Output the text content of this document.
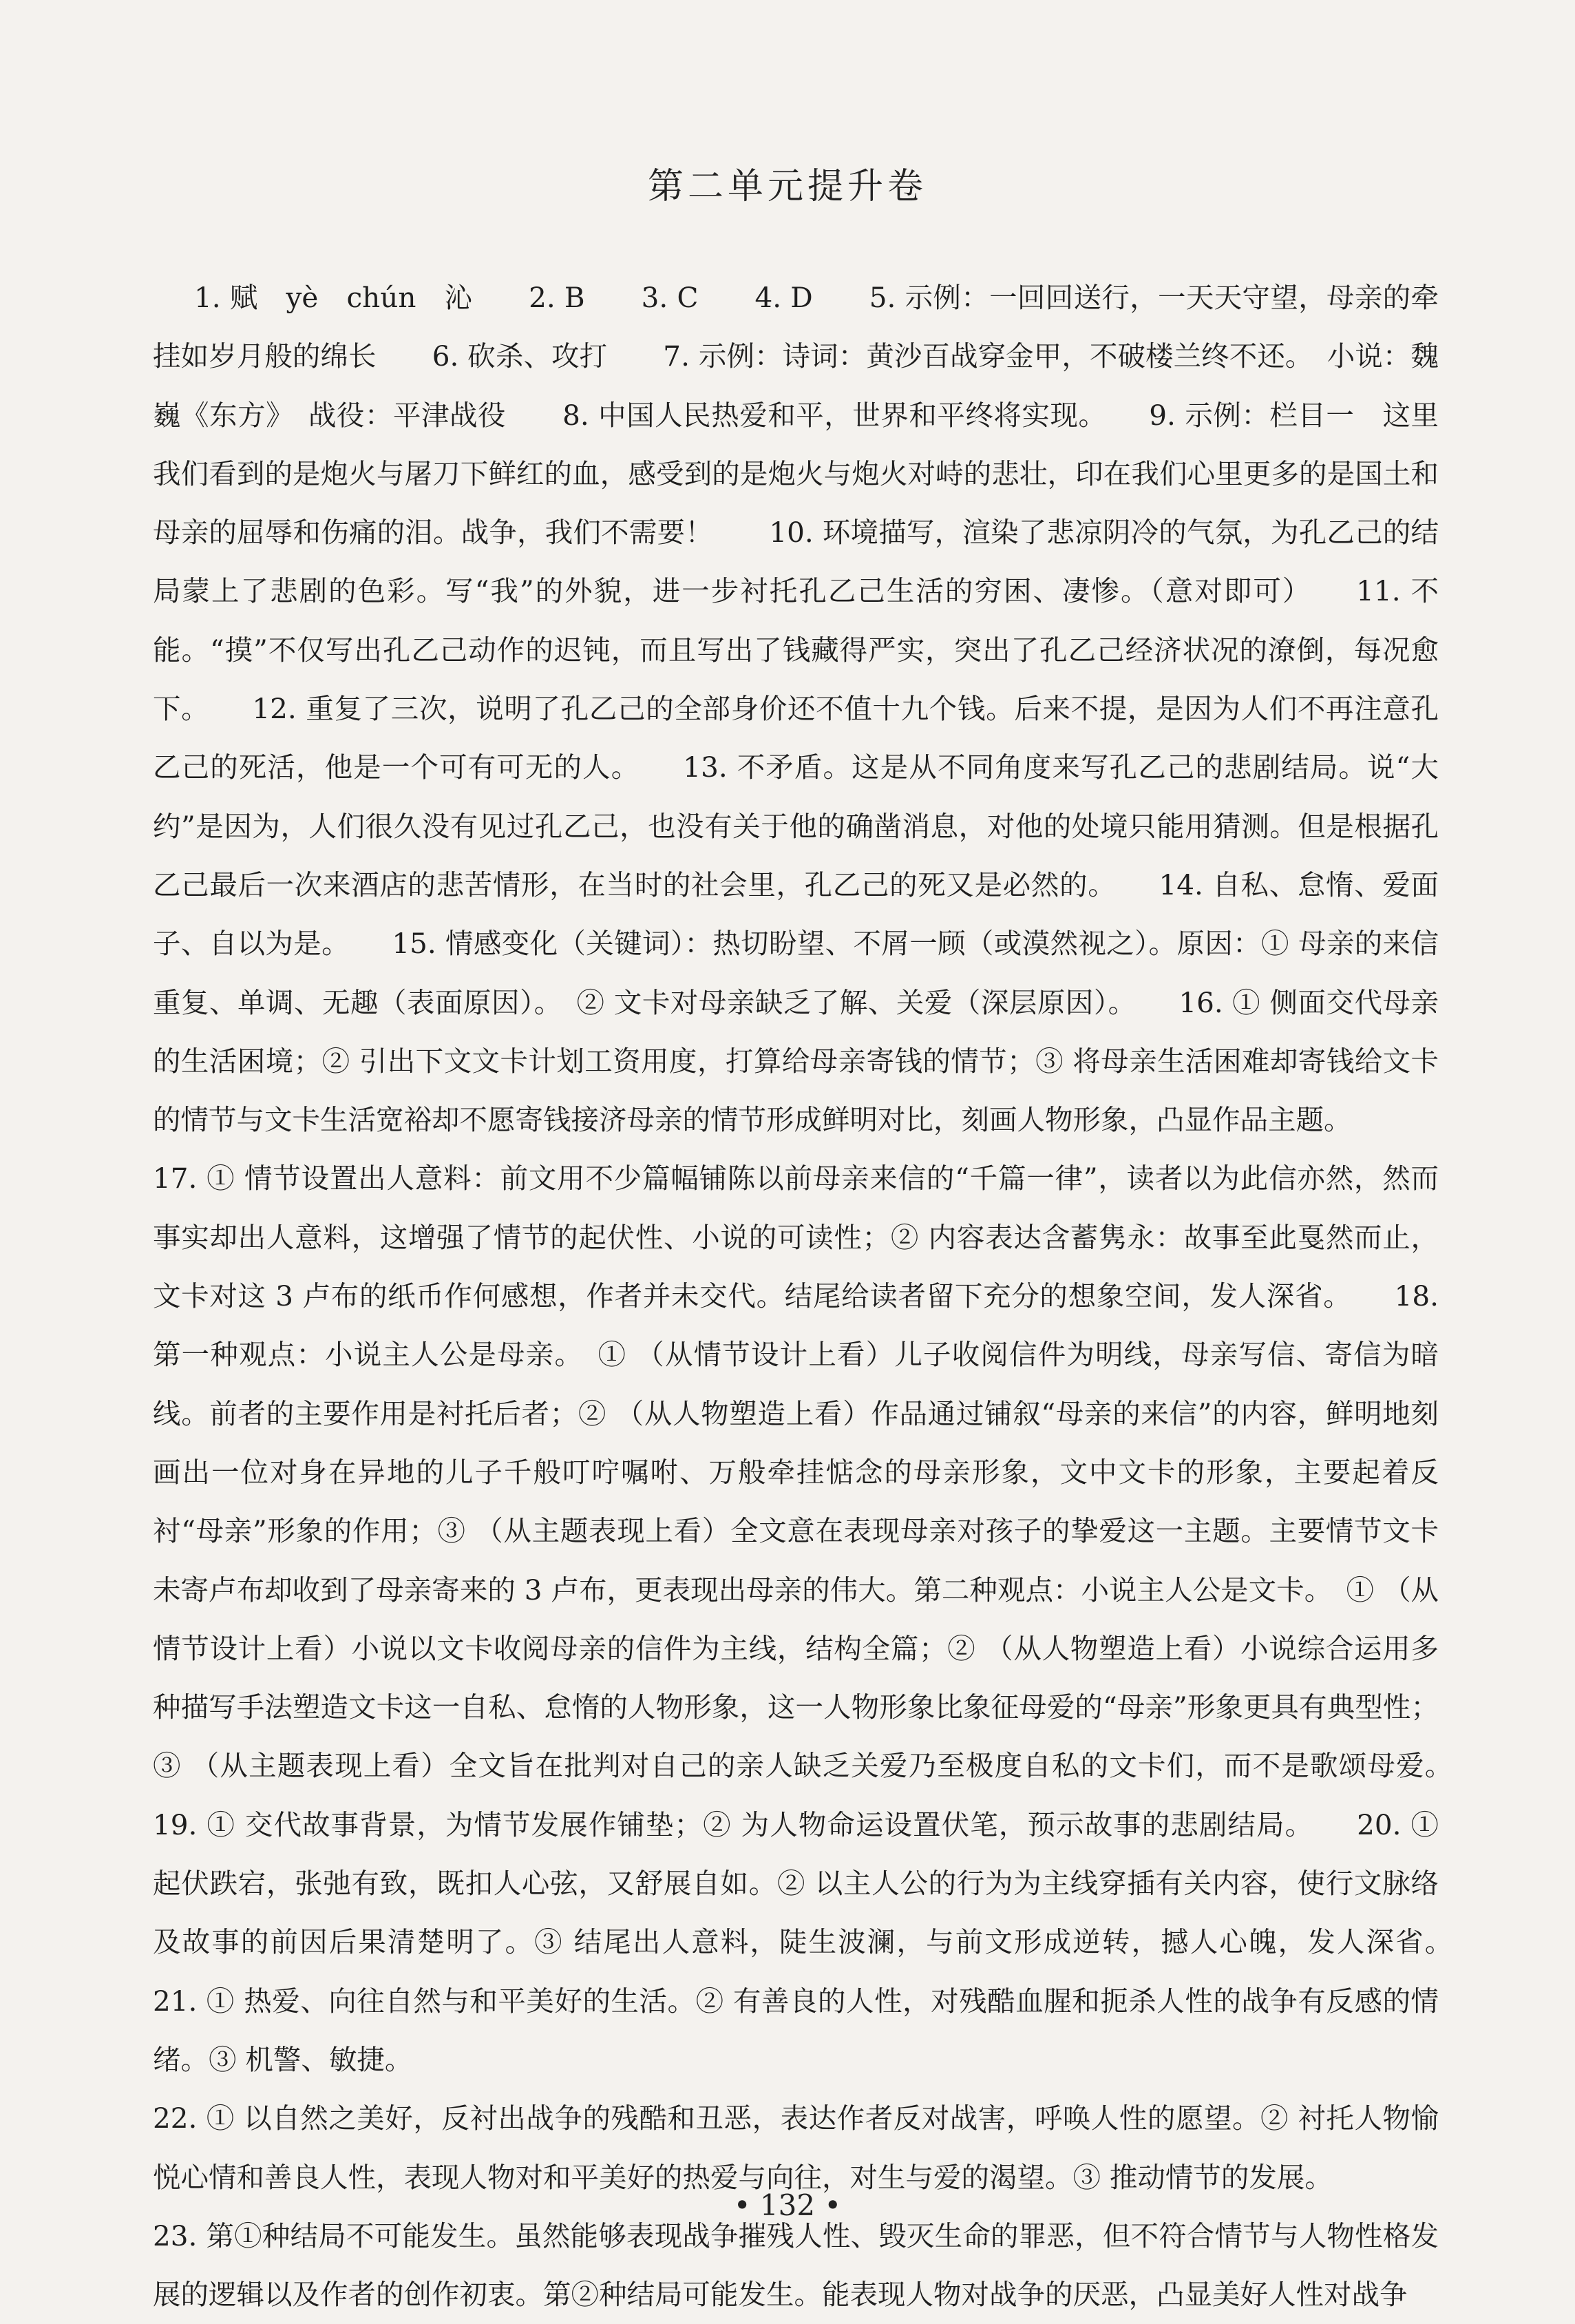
第二单元提升卷

1. 赋　yè　chún　沁　　2. B　　3. C　　4. D　　5. 示例：一回回送行，一天天守望，母亲的牵挂如岁月般的绵长　　6. 砍杀、攻打　　7. 示例：诗词：黄沙百战穿金甲，不破楼兰终不还。　小说：魏巍《东方》　战役：平津战役　　8. 中国人民热爱和平，世界和平终将实现。　　9. 示例：栏目一　这里我们看到的是炮火与屠刀下鲜红的血，感受到的是炮火与炮火对峙的悲壮，印在我们心里更多的是国土和母亲的屈辱和伤痛的泪。战争，我们不需要！　　10. 环境描写，渲染了悲凉阴冷的气氛，为孔乙己的结局蒙上了悲剧的色彩。写“我”的外貌，进一步衬托孔乙己生活的穷困、凄惨。（意对即可）　　11. 不能。“摸”不仅写出孔乙己动作的迟钝，而且写出了钱藏得严实，突出了孔乙己经济状况的潦倒，每况愈下。　　12. 重复了三次，说明了孔乙己的全部身价还不值十九个钱。后来不提，是因为人们不再注意孔乙己的死活，他是一个可有可无的人。　　13. 不矛盾。这是从不同角度来写孔乙己的悲剧结局。说“大约”是因为，人们很久没有见过孔乙己，也没有关于他的确凿消息，对他的处境只能用猜测。但是根据孔乙己最后一次来酒店的悲苦情形，在当时的社会里，孔乙己的死又是必然的。　　14. 自私、怠惰、爱面子、自以为是。　　15. 情感变化（关键词）：热切盼望、不屑一顾（或漠然视之）。原因：① 母亲的来信重复、单调、无趣（表面原因）。　② 文卡对母亲缺乏了解、关爱（深层原因）。　　16. ① 侧面交代母亲的生活困境；② 引出下文文卡计划工资用度，打算给母亲寄钱的情节；③ 将母亲生活困难却寄钱给文卡的情节与文卡生活宽裕却不愿寄钱接济母亲的情节形成鲜明对比，刻画人物形象，凸显作品主题。

17. ① 情节设置出人意料：前文用不少篇幅铺陈以前母亲来信的“千篇一律”，读者以为此信亦然，然而事实却出人意料，这增强了情节的起伏性、小说的可读性；② 内容表达含蓄隽永：故事至此戛然而止，文卡对这 3 卢布的纸币作何感想，作者并未交代。结尾给读者留下充分的想象空间，发人深省。　　18. 第一种观点：小说主人公是母亲。　① （从情节设计上看）儿子收阅信件为明线，母亲写信、寄信为暗线。前者的主要作用是衬托后者；② （从人物塑造上看）作品通过铺叙“母亲的来信”的内容，鲜明地刻画出一位对身在异地的儿子千般叮咛嘱咐、万般牵挂惦念的母亲形象，文中文卡的形象，主要起着反衬“母亲”形象的作用；③ （从主题表现上看）全文意在表现母亲对孩子的挚爱这一主题。主要情节文卡未寄卢布却收到了母亲寄来的 3 卢布，更表现出母亲的伟大。第二种观点：小说主人公是文卡。　① （从情节设计上看）小说以文卡收阅母亲的信件为主线，结构全篇；② （从人物塑造上看）小说综合运用多种描写手法塑造文卡这一自私、怠惰的人物形象，这一人物形象比象征母爱的“母亲”形象更具有典型性；③ （从主题表现上看）全文旨在批判对自己的亲人缺乏关爱乃至极度自私的文卡们，而不是歌颂母爱。　　19. ① 交代故事背景，为情节发展作铺垫；② 为人物命运设置伏笔，预示故事的悲剧结局。　　20. ① 起伏跌宕，张弛有致，既扣人心弦，又舒展自如。② 以主人公的行为为主线穿插有关内容，使行文脉络及故事的前因后果清楚明了。③ 结尾出人意料，陡生波澜，与前文形成逆转，撼人心魄，发人深省。　　21. ① 热爱、向往自然与和平美好的生活。② 有善良的人性，对残酷血腥和扼杀人性的战争有反感的情绪。③ 机警、敏捷。

22. ① 以自然之美好，反衬出战争的残酷和丑恶，表达作者反对战害，呼唤人性的愿望。② 衬托人物愉悦心情和善良人性，表现人物对和平美好的热爱与向往，对生与爱的渴望。③ 推动情节的发展。

23. 第①种结局不可能发生。虽然能够表现战争摧残人性、毁灭生命的罪恶，但不符合情节与人物性格发展的逻辑以及作者的创作初衷。第②种结局可能发生。能表现人物对战争的厌恶，凸显美好人性对战争

• 132 •
